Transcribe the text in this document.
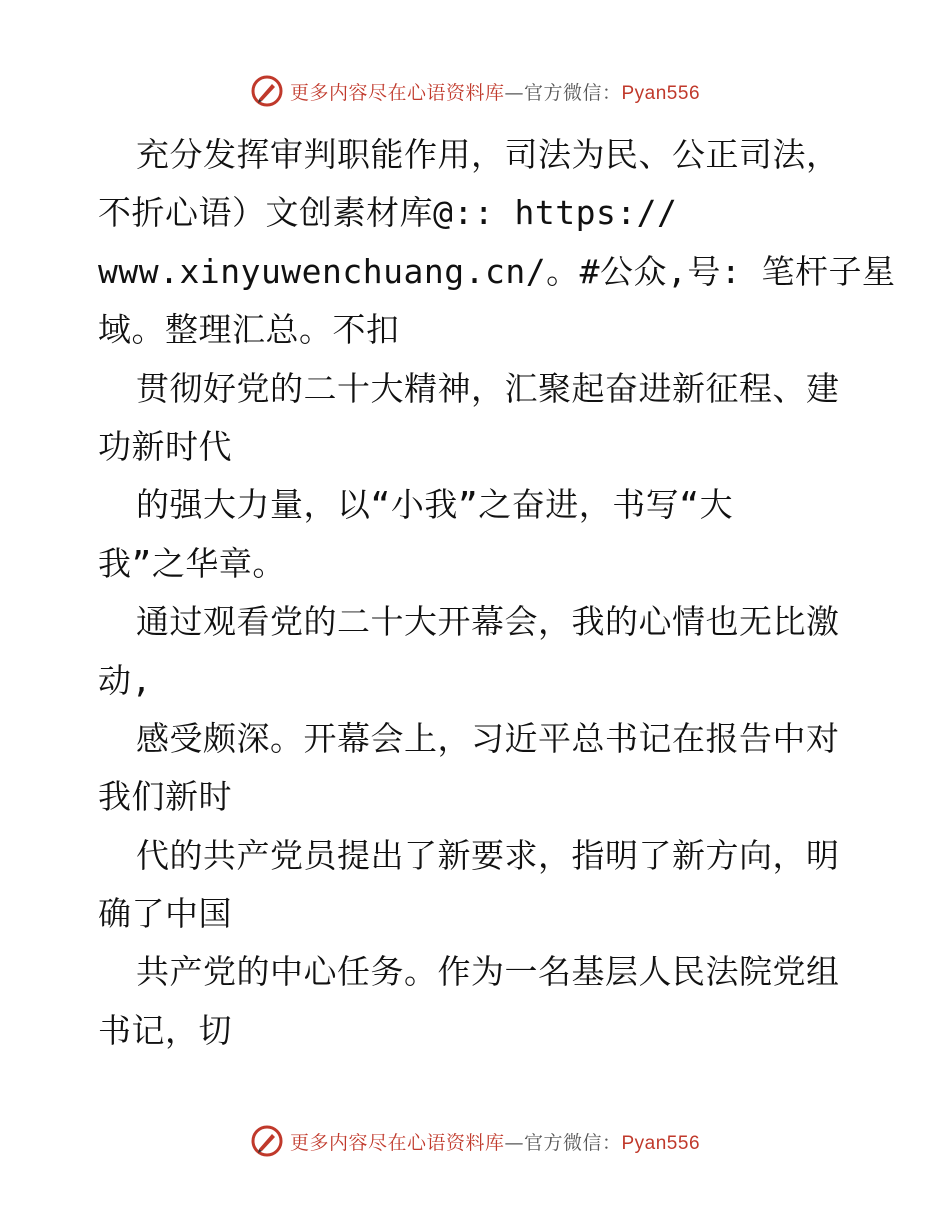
更多内容尽在心语资料库—官方微信：Pyan556
充分发挥审判职能作用，司法为民、公正司法，
不折心语）文创素材库@:: https://
www.xinyuwenchuang.cn/。#公众,号: 笔杆子星
域。整理汇总。不扣
贯彻好党的二十大精神，汇聚起奋进新征程、建
功新时代
的强大力量，以“小我”之奋进，书写“大
我”之华章。
通过观看党的二十大开幕会，我的心情也无比激
动,
感受颇深。开幕会上，习近平总书记在报告中对
我们新时
代的共产党员提出了新要求，指明了新方向，明
确了中国
共产党的中心任务。作为一名基层人民法院党组
书记，切
更多内容尽在心语资料库—官方微信：Pyan556
